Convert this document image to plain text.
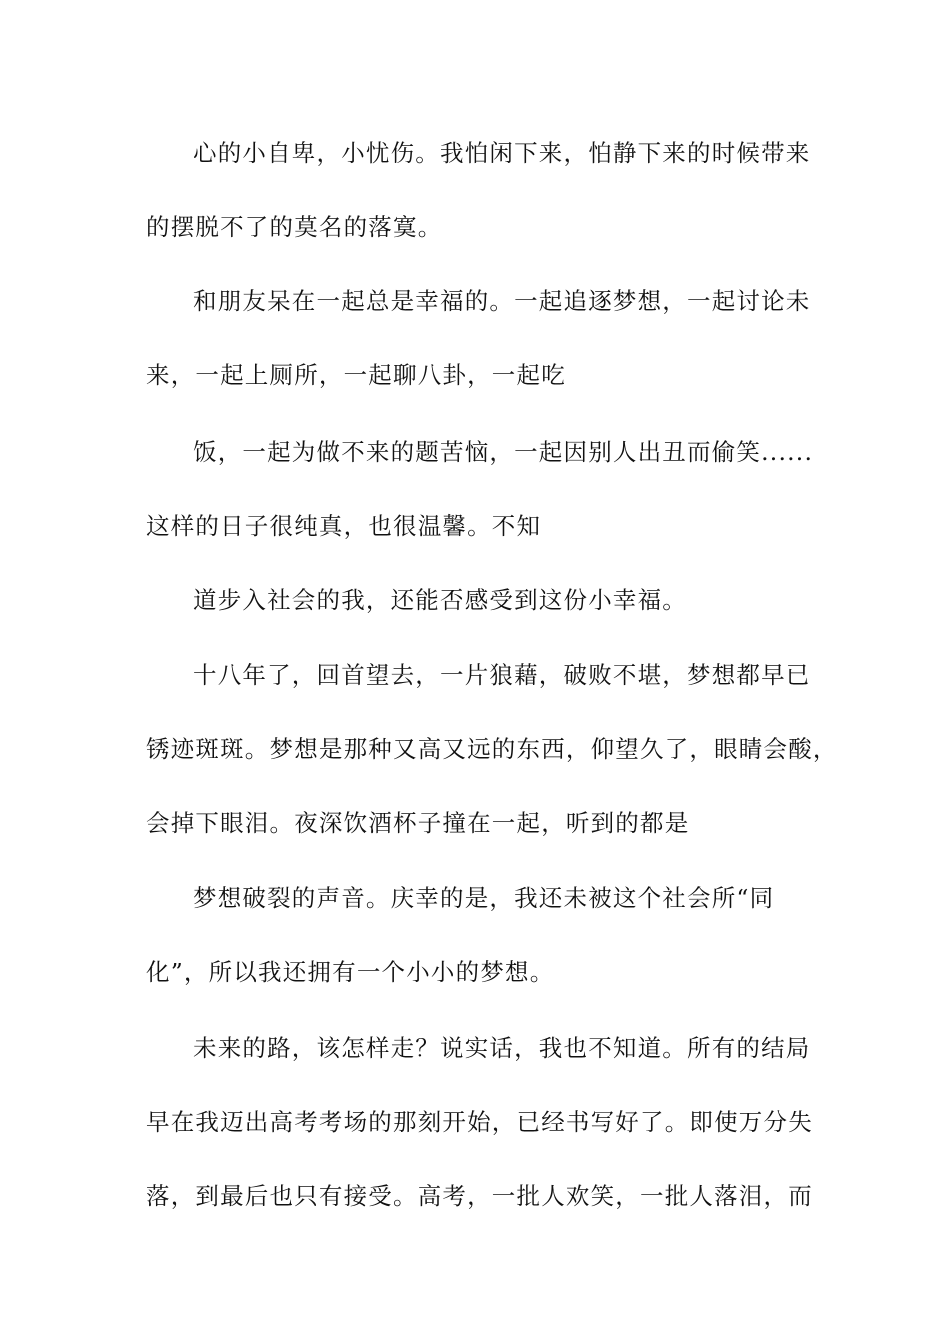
心的小自卑，小忧伤。我怕闲下来，怕静下来的时候带来
的摆脱不了的莫名的落寞。
和朋友呆在一起总是幸福的。一起追逐梦想，一起讨论未
来，一起上厕所，一起聊八卦，一起吃
饭，一起为做不来的题苦恼，一起因别人出丑而偷笑......
这样的日子很纯真，也很温馨。不知
道步入社会的我，还能否感受到这份小幸福。
十八年了，回首望去，一片狼藉，破败不堪，梦想都早已
锈迹斑斑。梦想是那种又高又远的东西，仰望久了，眼睛会酸，
会掉下眼泪。夜深饮酒杯子撞在一起，听到的都是
梦想破裂的声音。庆幸的是，我还未被这个社会所“同
化”，所以我还拥有一个小小的梦想。
未来的路，该怎样走？说实话，我也不知道。所有的结局
早在我迈出高考考场的那刻开始，已经书写好了。即使万分失
落，到最后也只有接受。高考，一批人欢笑，一批人落泪，而
